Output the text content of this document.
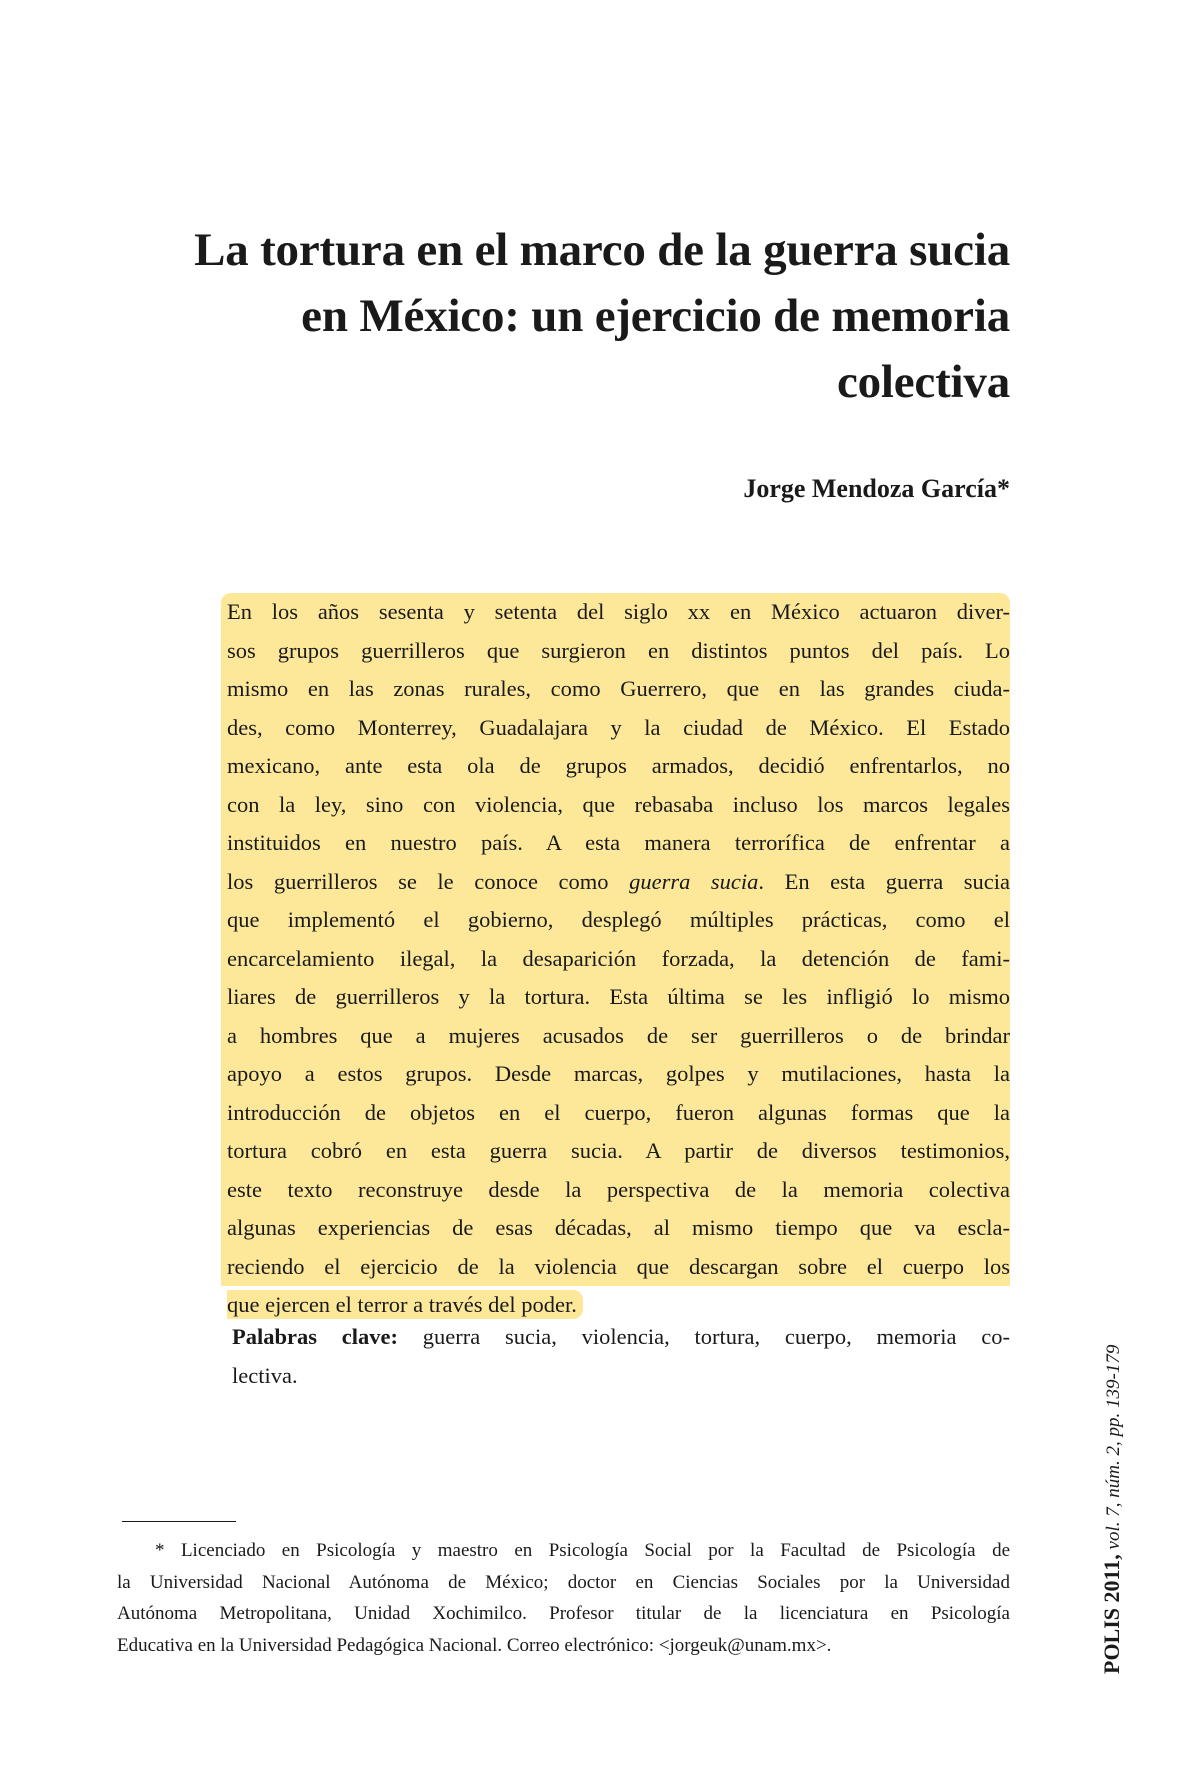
La tortura en el marco de la guerra sucia
en México: un ejercicio de memoria
colectiva
Jorge Mendoza García*
En los años sesenta y setenta del siglo xx en México actuaron diver-
sos grupos guerrilleros que surgieron en distintos puntos del país. Lo
mismo en las zonas rurales, como Guerrero, que en las grandes ciuda-
des, como Monterrey, Guadalajara y la ciudad de México. El Estado
mexicano, ante esta ola de grupos armados, decidió enfrentarlos, no
con la ley, sino con violencia, que rebasaba incluso los marcos legales
instituidos en nuestro país. A esta manera terrorífica de enfrentar a
los guerrilleros se le conoce como guerra sucia. En esta guerra sucia
que implementó el gobierno, desplegó múltiples prácticas, como el
encarcelamiento ilegal, la desaparición forzada, la detención de fami-
liares de guerrilleros y la tortura. Esta última se les infligió lo mismo
a hombres que a mujeres acusados de ser guerrilleros o de brindar
apoyo a estos grupos. Desde marcas, golpes y mutilaciones, hasta la
introducción de objetos en el cuerpo, fueron algunas formas que la
tortura cobró en esta guerra sucia. A partir de diversos testimonios,
este texto reconstruye desde la perspectiva de la memoria colectiva
algunas experiencias de esas décadas, al mismo tiempo que va escla-
reciendo el ejercicio de la violencia que descargan sobre el cuerpo los
que ejercen el terror a través del poder.
Palabras clave: guerra sucia, violencia, tortura, cuerpo, memoria co-
lectiva.
* Licenciado en Psicología y maestro en Psicología Social por la Facultad de Psicología de
la Universidad Nacional Autónoma de México; doctor en Ciencias Sociales por la Universidad
Autónoma Metropolitana, Unidad Xochimilco. Profesor titular de la licenciatura en Psicología
Educativa en la Universidad Pedagógica Nacional. Correo electrónico: <jorgeuk@unam.mx>.	POLIS 2011, vol. 7, núm. 2, pp. 139-179
